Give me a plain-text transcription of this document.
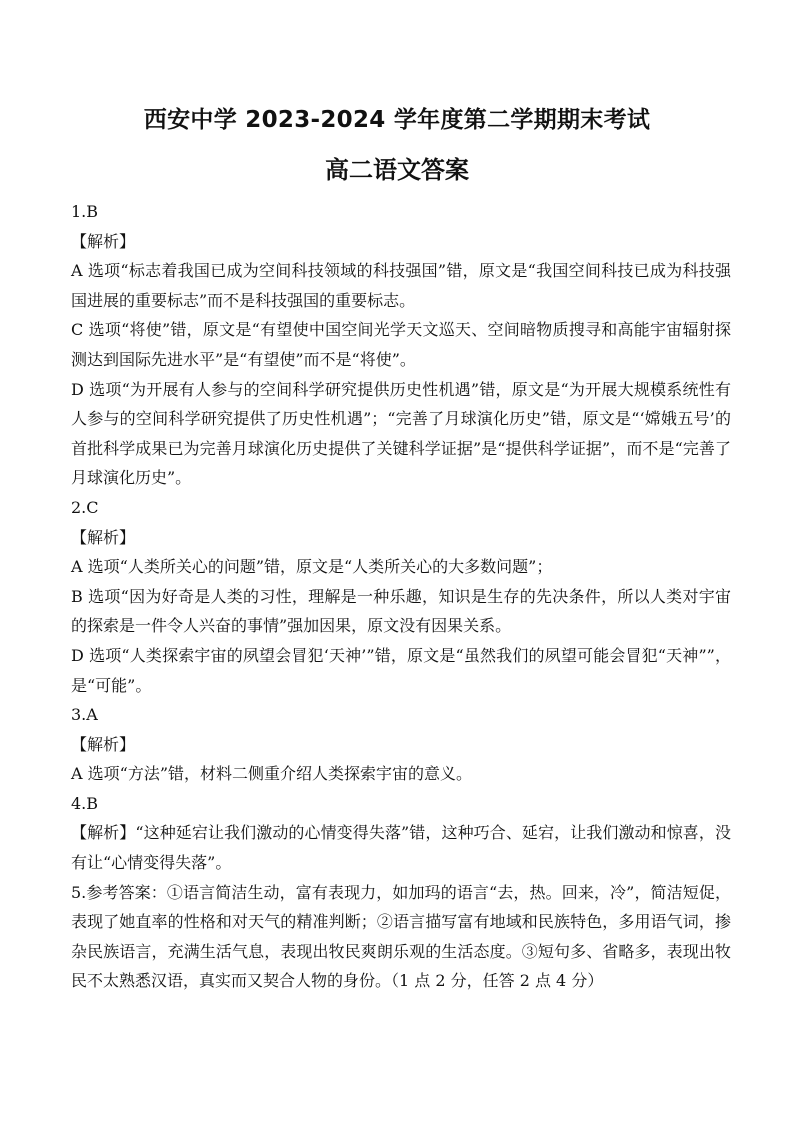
西安中学 2023-2024 学年度第二学期期末考试
高二语文答案

1.B

【解析】

A 选项“标志着我国已成为空间科技领域的科技强国”错，原文是“我国空间科技已成为科技强国进展的重要标志”而不是科技强国的重要标志。

C 选项“将使”错，原文是“有望使中国空间光学天文巡天、空间暗物质搜寻和高能宇宙辐射探测达到国际先进水平”是“有望使”而不是“将使”。

D 选项“为开展有人参与的空间科学研究提供历史性机遇”错，原文是“为开展大规模系统性有人参与的空间科学研究提供了历史性机遇”；“完善了月球演化历史”错，原文是“‘嫦娥五号’的首批科学成果已为完善月球演化历史提供了关键科学证据”是“提供科学证据”，而不是“完善了月球演化历史”。

2.C

【解析】

A 选项“人类所关心的问题”错，原文是“人类所关心的大多数问题”；

B 选项“因为好奇是人类的习性，理解是一种乐趣，知识是生存的先决条件，所以人类对宇宙的探索是一件令人兴奋的事情”强加因果，原文没有因果关系。

D 选项“人类探索宇宙的夙望会冒犯‘天神’”错，原文是“虽然我们的夙望可能会冒犯“天神””，是“可能”。

3.A

【解析】

A 选项“方法”错，材料二侧重介绍人类探索宇宙的意义。

4.B

【解析】“这种延宕让我们激动的心情变得失落”错，这种巧合、延宕，让我们激动和惊喜，没有让“心情变得失落”。

5.参考答案：①语言简洁生动，富有表现力，如加玛的语言“去，热。回来，冷”，简洁短促，表现了她直率的性格和对天气的精准判断；②语言描写富有地域和民族特色，多用语气词，掺杂民族语言，充满生活气息，表现出牧民爽朗乐观的生活态度。③短句多、省略多，表现出牧民不太熟悉汉语，真实而又契合人物的身份。（1 点 2 分，任答 2 点 4 分）
